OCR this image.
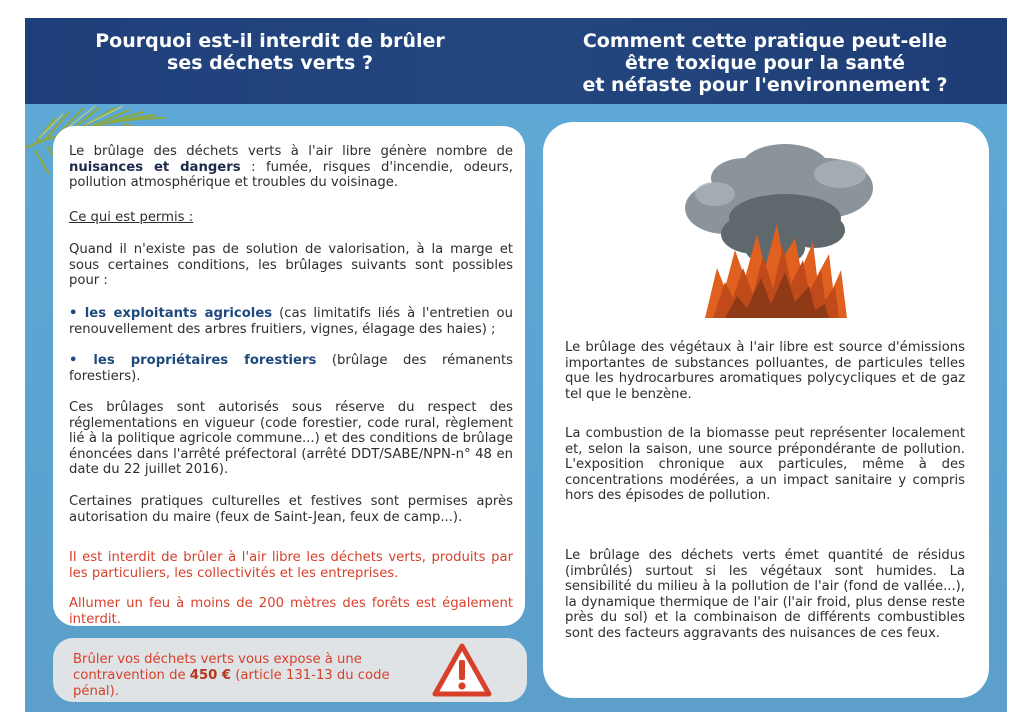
Pourquoi est-il interdit de brûler
ses déchets verts ?
Comment cette pratique peut-elle
être toxique pour la santé
et néfaste pour l'environnement ?
Le brûlage des déchets verts à l'air libre génère nombre de nuisances et dangers : fumée, risques d'incendie, odeurs, pollution atmosphérique et troubles du voisinage.
Ce qui est permis :
Quand il n'existe pas de solution de valorisation, à la marge et sous certaines conditions, les brûlages suivants sont possibles pour :
• les exploitants agricoles (cas limitatifs liés à l'entretien ou renouvellement des arbres fruitiers, vignes, élagage des haies) ;
• les propriétaires forestiers (brûlage des rémanents forestiers).
Ces brûlages sont autorisés sous réserve du respect des réglementations en vigueur (code forestier, code rural, règlement lié à la politique agricole commune...) et des conditions de brûlage énoncées dans l'arrêté préfectoral (arrêté DDT/SABE/NPN-n° 48 en date du 22 juillet 2016).
Certaines pratiques culturelles et festives sont permises après autorisation du maire (feux de Saint-Jean, feux de camp...).
Il est interdit de brûler à l'air libre les déchets verts, produits par les particuliers, les collectivités et les entreprises.
Allumer un feu à moins de 200 mètres des forêts est également interdit.
Brûler vos déchets verts vous expose à une contravention de 450 € (article 131-13 du code pénal).
Le brûlage des végétaux à l'air libre est source d'émissions importantes de substances polluantes, de particules telles que les hydrocarbures aromatiques polycycliques et de gaz tel que le benzène.
La combustion de la biomasse peut représenter localement et, selon la saison, une source prépondérante de pollution. L'exposition chronique aux particules, même à des concentrations modérées, a un impact sanitaire y compris hors des épisodes de pollution.
Le brûlage des déchets verts émet quantité de résidus (imbrûlés) surtout si les végétaux sont humides. La sensibilité du milieu à la pollution de l'air (fond de vallée...), la dynamique thermique de l'air (l'air froid, plus dense reste près du sol) et la combinaison de différents combustibles sont des facteurs aggravants des nuisances de ces feux.
